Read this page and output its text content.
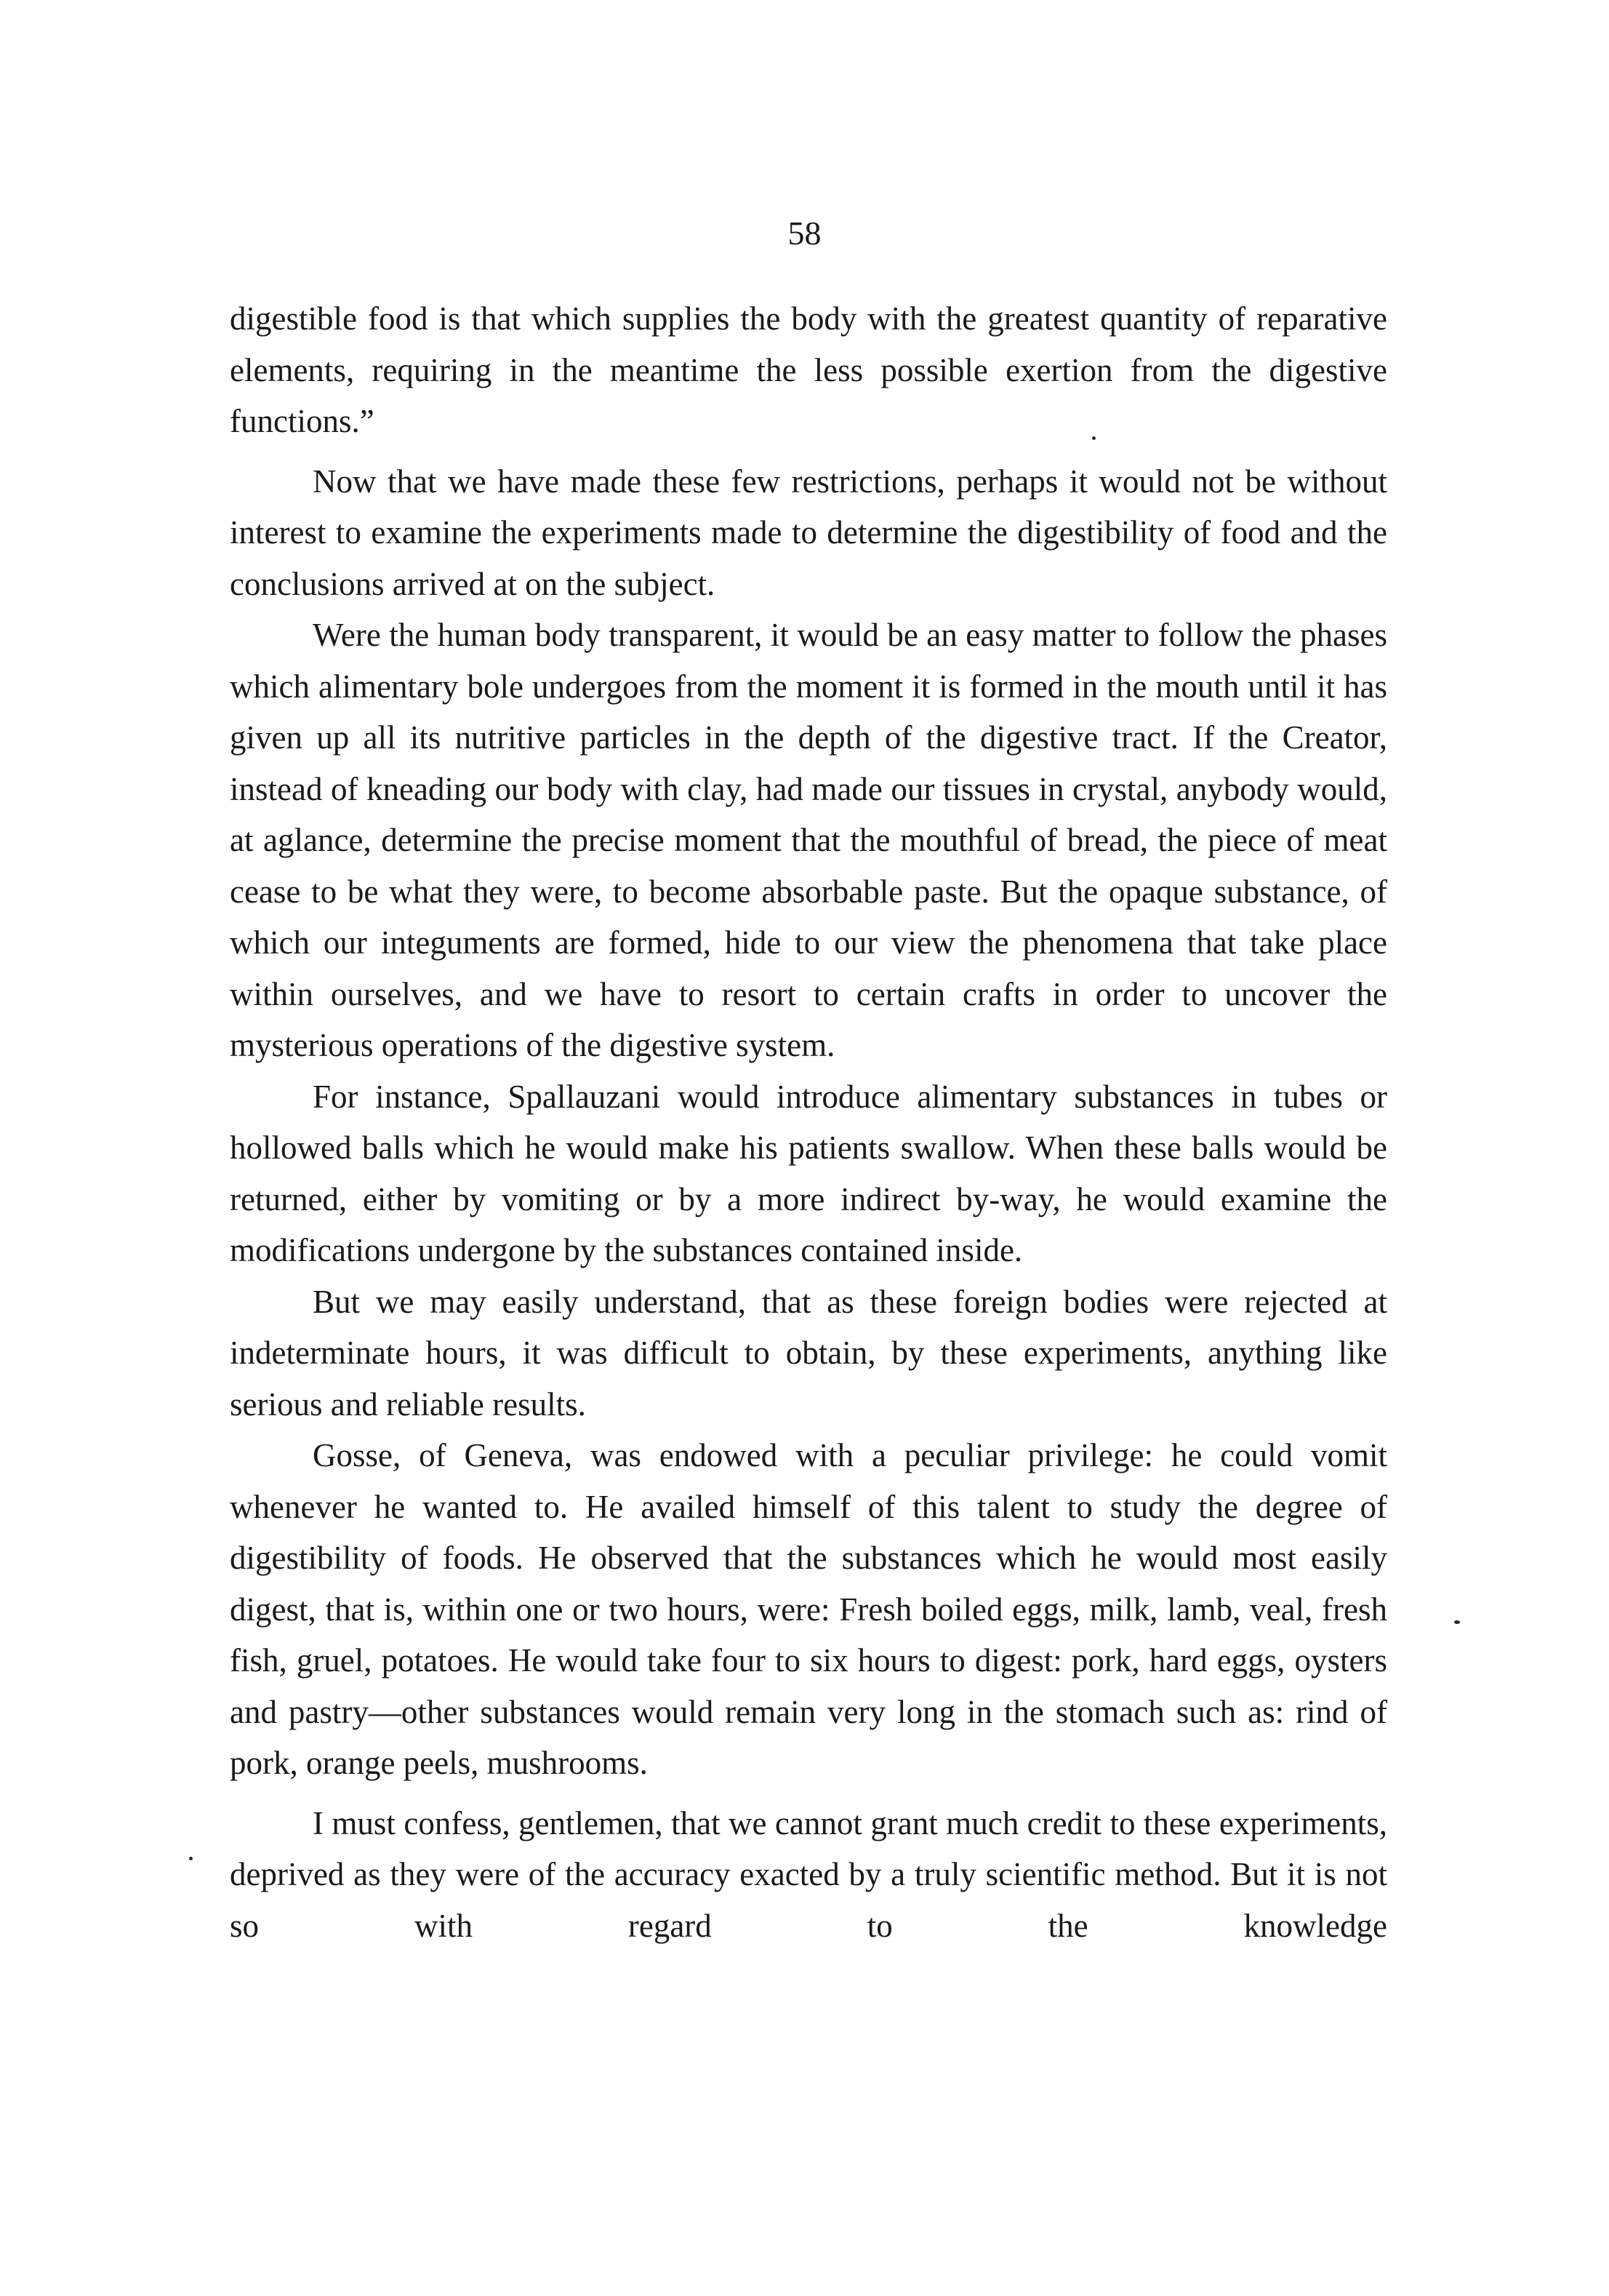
58

digestible food is that which supplies the body with the greatest quantity of reparative elements, requiring in the meantime the less possible exertion from the digestive functions.”

Now that we have made these few restrictions, perhaps it would not be without interest to examine the experiments made to determine the digestibility of food and the conclusions arrived at on the subject.

Were the human body transparent, it would be an easy matter to follow the phases which alimentary bole undergoes from the moment it is formed in the mouth until it has given up all its nutritive particles in the depth of the digestive tract. If the Creator, instead of kneading our body with clay, had made our tissues in crystal, anybody would, at aglance, determine the precise moment that the mouthful of bread, the piece of meat cease to be what they were, to become absorbable paste. But the opaque substance, of which our integuments are formed, hide to our view the phenomena that take place within ourselves, and we have to resort to certain crafts in order to uncover the mysterious operations of the digestive system.

For instance, Spallauzani would introduce alimentary substances in tubes or hollowed balls which he would make his patients swallow. When these balls would be returned, either by vomiting or by a more indirect by-way, he would examine the modifications undergone by the substances contained inside.

But we may easily understand, that as these foreign bodies were rejected at indeterminate hours, it was difficult to obtain, by these experiments, anything like serious and reliable results.

Gosse, of Geneva, was endowed with a peculiar privilege: he could vomit whenever he wanted to. He availed himself of this talent to study the degree of digestibility of foods. He observed that the substances which he would most easily digest, that is, within one or two hours, were: Fresh boiled eggs, milk, lamb, veal, fresh fish, gruel, potatoes. He would take four to six hours to digest: pork, hard eggs, oysters and pastry—other substances would remain very long in the stomach such as: rind of pork, orange peels, mushrooms.

I must confess, gentlemen, that we cannot grant much credit to these experiments, deprived as they were of the accuracy exacted by a truly scientific method. But it is not so with regard to the knowledge
